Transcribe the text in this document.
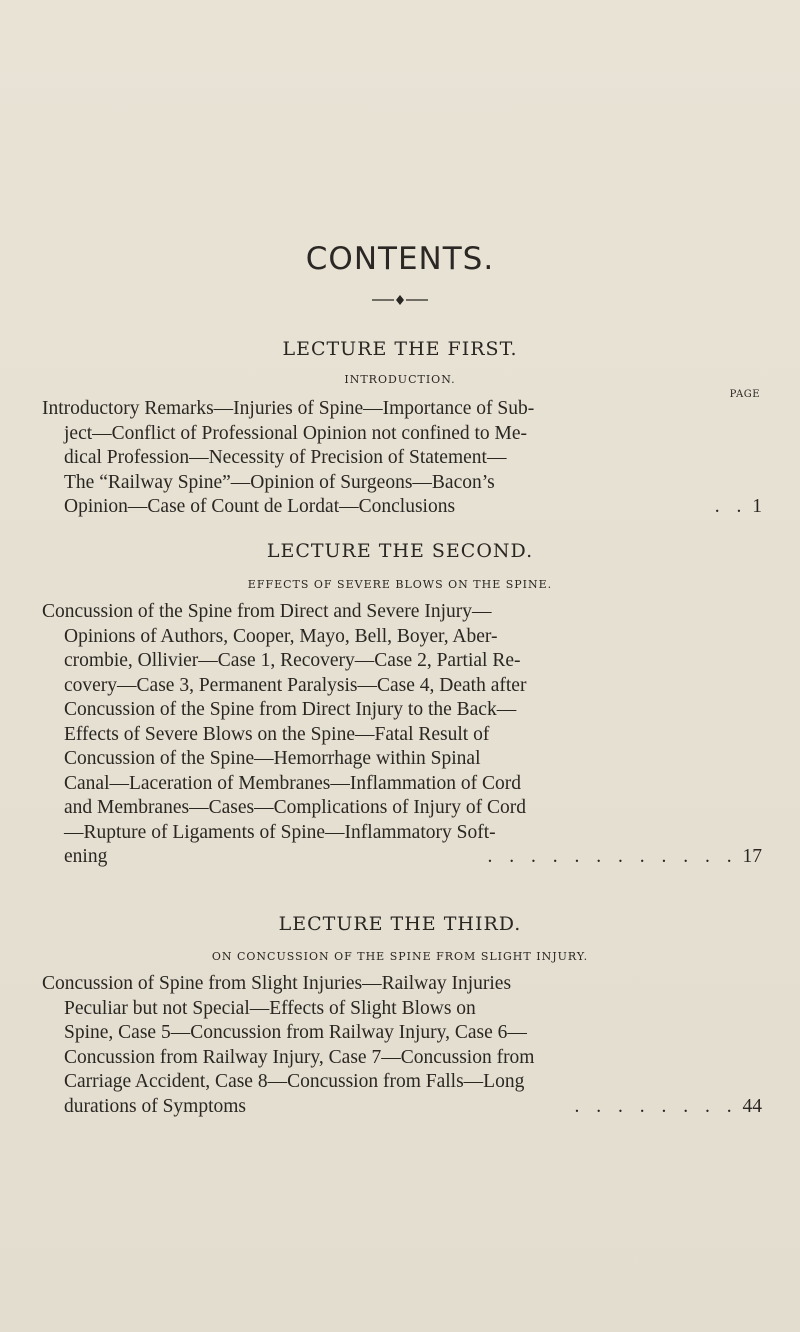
CONTENTS.
LECTURE THE FIRST.
INTRODUCTION.
PAGE
Introductory Remarks—Injuries of Spine—Importance of Sub-
ject—Conflict of Professional Opinion not confined to Me-
dical Profession—Necessity of Precision of Statement—
The “Railway Spine”—Opinion of Surgeons—Bacon’s
Opinion—Case of Count de Lordat—Conclusions	. . 1
LECTURE THE SECOND.
EFFECTS OF SEVERE BLOWS ON THE SPINE.
Concussion of the Spine from Direct and Severe Injury—
Opinions of Authors, Cooper, Mayo, Bell, Boyer, Aber-
crombie, Ollivier—Case 1, Recovery—Case 2, Partial Re-
covery—Case 3, Permanent Paralysis—Case 4, Death after
Concussion of the Spine from Direct Injury to the Back—
Effects of Severe Blows on the Spine—Fatal Result of
Concussion of the Spine—Hemorrhage within Spinal
Canal—Laceration of Membranes—Inflammation of Cord
and Membranes—Cases—Complications of Injury of Cord
—Rupture of Ligaments of Spine—Inflammatory Soft-
ening	. . . . . . . . . . . . 17
LECTURE THE THIRD.
ON CONCUSSION OF THE SPINE FROM SLIGHT INJURY.
Concussion of Spine from Slight Injuries—Railway Injuries
Peculiar but not Special—Effects of Slight Blows on
Spine, Case 5—Concussion from Railway Injury, Case 6—
Concussion from Railway Injury, Case 7—Concussion from
Carriage Accident, Case 8—Concussion from Falls—Long
durations of Symptoms	. . . . . . . . 44
